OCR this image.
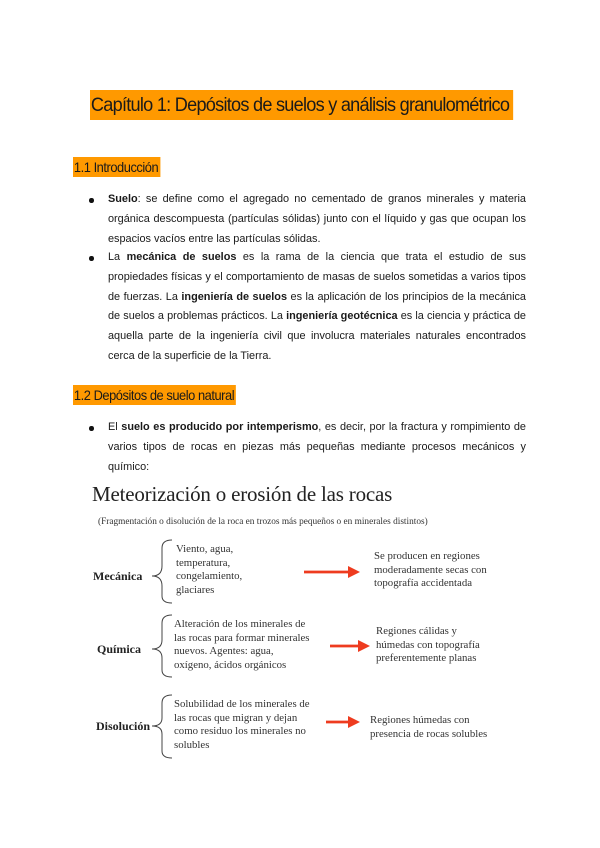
Capítulo 1: Depósitos de suelos y análisis granulométrico
1.1 Introducción
Suelo: se define como el agregado no cementado de granos minerales y materia orgánica descompuesta (partículas sólidas) junto con el líquido y gas que ocupan los espacios vacíos entre las partículas sólidas.
La mecánica de suelos es la rama de la ciencia que trata el estudio de sus propiedades físicas y el comportamiento de masas de suelos sometidas a varios tipos de fuerzas. La ingeniería de suelos es la aplicación de los principios de la mecánica de suelos a problemas prácticos. La ingeniería geotécnica es la ciencia y práctica de aquella parte de la ingeniería civil que involucra materiales naturales encontrados cerca de la superficie de la Tierra.
1.2 Depósitos de suelo natural
El suelo es producido por intemperismo, es decir, por la fractura y rompimiento de varios tipos de rocas en piezas más pequeñas mediante procesos mecánicos y químico:
Meteorización o erosión de las rocas
(Fragmentación o disolución de la roca en trozos más pequeños o en minerales distintos)
Mecánica
Viento, agua,
temperatura,
congelamiento,
glaciares
Se producen en regiones
moderadamente secas con
topografía accidentada
Química
Alteración de los minerales de
las rocas para formar minerales
nuevos. Agentes: agua,
oxígeno, ácidos orgánicos
Regiones cálidas y
húmedas con topografía
preferentemente planas
Disolución
Solubilidad de los minerales de
las rocas que migran y dejan
como residuo los minerales no
solubles
Regiones húmedas con
presencia de rocas solubles
